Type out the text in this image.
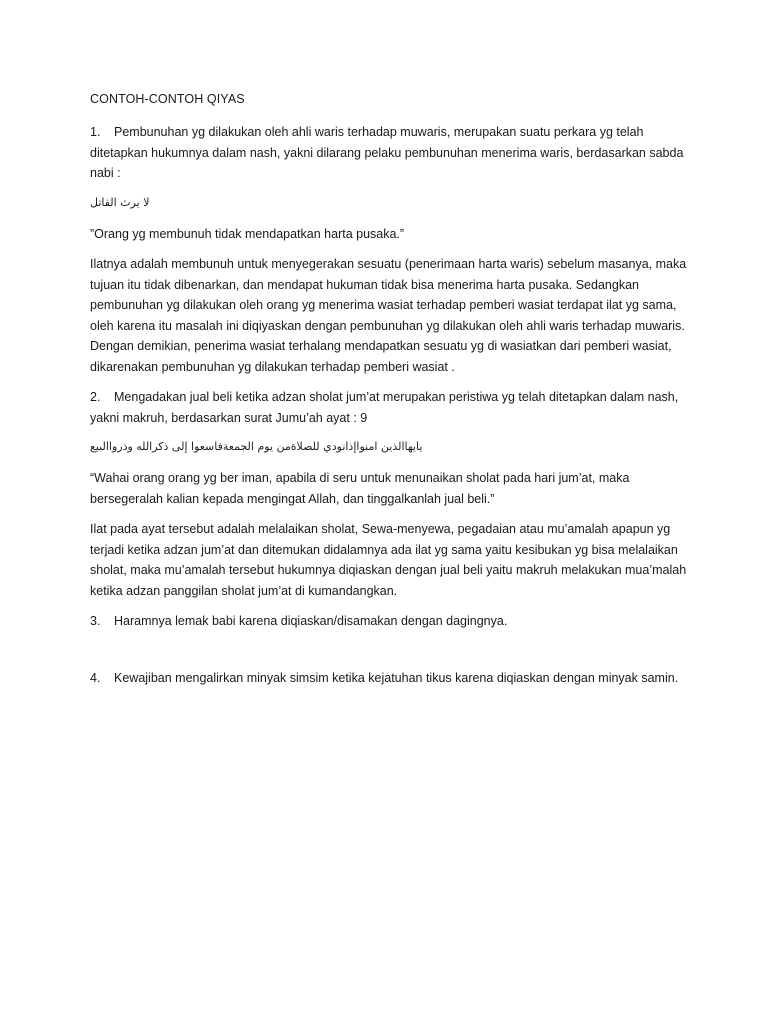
CONTOH-CONTOH QIYAS
1. Pembunuhan yg dilakukan oleh ahli waris terhadap muwaris, merupakan suatu perkara yg telah ditetapkan hukumnya dalam nash, yakni dilarang pelaku pembunuhan menerima waris, berdasarkan sabda nabi :
لا يرث القاتل
”Orang yg membunuh tidak mendapatkan harta pusaka.”
Ilatnya adalah membunuh untuk menyegerakan sesuatu (penerimaan harta waris) sebelum masanya, maka tujuan itu tidak dibenarkan, dan mendapat hukuman tidak bisa menerima harta pusaka. Sedangkan pembunuhan yg dilakukan oleh orang yg menerima wasiat terhadap pemberi wasiat terdapat ilat yg sama, oleh karena itu masalah ini diqiyaskan dengan pembunuhan yg dilakukan oleh ahli waris terhadap muwaris. Dengan demikian, penerima wasiat terhalang mendapatkan sesuatu yg di wasiatkan dari pemberi wasiat, dikarenakan pembunuhan yg dilakukan terhadap pemberi wasiat .
2. Mengadakan jual beli ketika adzan sholat jum’at merupakan peristiwa yg telah ditetapkan dalam nash, yakni makruh, berdasarkan surat Jumu’ah ayat : 9
يايهاالذين امنواإذانودي للصلاةمن يوم الجمعةفاسعوا إلى ذكرالله وذرواالبيع
“Wahai orang orang yg ber iman, apabila di seru untuk menunaikan sholat pada hari jum’at, maka bersegeralah kalian kepada mengingat Allah, dan tinggalkanlah jual beli.”
Ilat pada ayat tersebut adalah melalaikan sholat, Sewa-menyewa, pegadaian atau mu’amalah apapun yg terjadi ketika adzan jum’at dan ditemukan didalamnya ada ilat yg sama yaitu kesibukan yg bisa melalaikan sholat, maka mu’amalah tersebut hukumnya diqiaskan dengan jual beli yaitu makruh melakukan mua’malah ketika adzan panggilan sholat jum’at di kumandangkan.
3. Haramnya lemak babi karena diqiaskan/disamakan dengan dagingnya.
4. Kewajiban mengalirkan minyak simsim ketika kejatuhan tikus karena diqiaskan dengan minyak samin.
